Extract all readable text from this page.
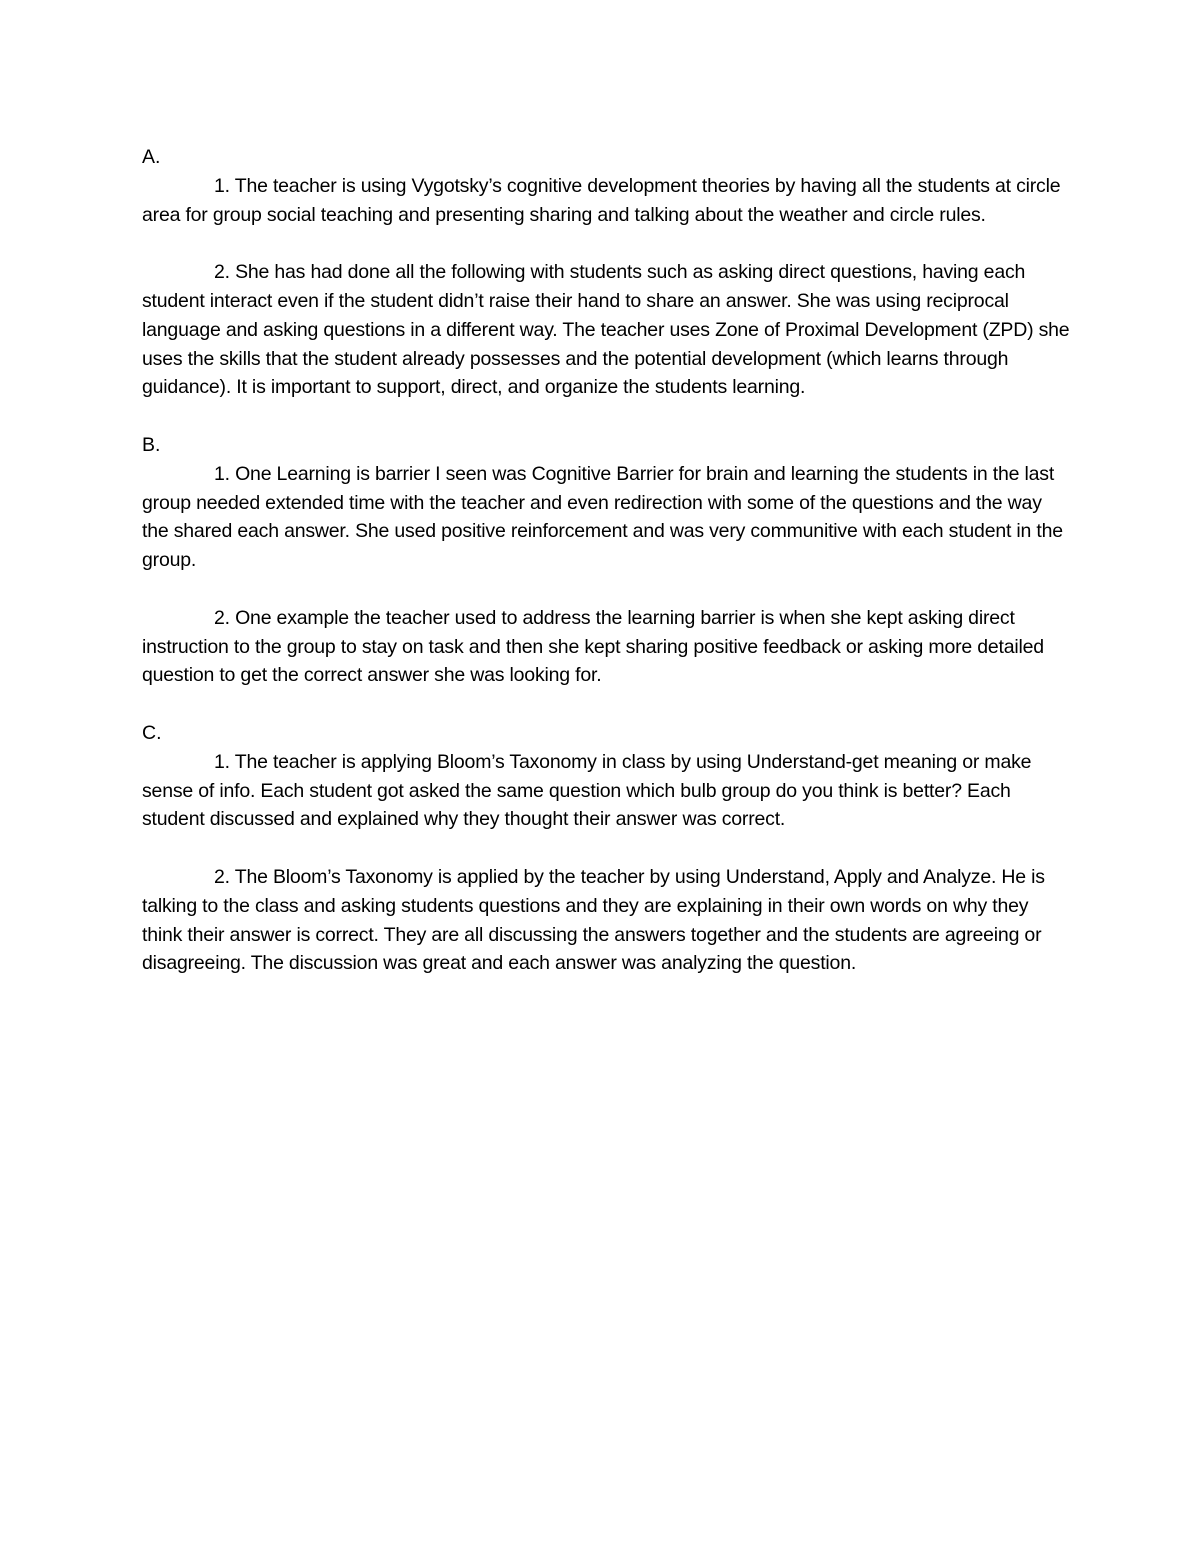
A.

1. The teacher is using Vygotsky’s cognitive development theories by having all the students at circle area for group social teaching and presenting sharing and talking about the weather and circle rules.

2. She has had done all the following with students such as asking direct questions, having each student interact even if the student didn’t raise their hand to share an answer. She was using reciprocal language and asking questions in a different way. The teacher uses Zone of Proximal Development (ZPD) she uses the skills that the student already possesses and the potential development (which learns through guidance). It is important to support, direct, and organize the students learning.

B.

1. One Learning is barrier I seen was Cognitive Barrier for brain and learning the students in the last group needed extended time with the teacher and even redirection with some of the questions and the way the shared each answer. She used positive reinforcement and was very communitive with each student in the group.

2. One example the teacher used to address the learning barrier is when she kept asking direct instruction to the group to stay on task and then she kept sharing positive feedback or asking more detailed question to get the correct answer she was looking for.

C.

1. The teacher is applying Bloom’s Taxonomy in class by using Understand-get meaning or make sense of info. Each student got asked the same question which bulb group do you think is better? Each student discussed and explained why they thought their answer was correct.

2. The Bloom’s Taxonomy is applied by the teacher by using Understand, Apply and Analyze. He is talking to the class and asking students questions and they are explaining in their own words on why they think their answer is correct. They are all discussing the answers together and the students are agreeing or disagreeing. The discussion was great and each answer was analyzing the question.
